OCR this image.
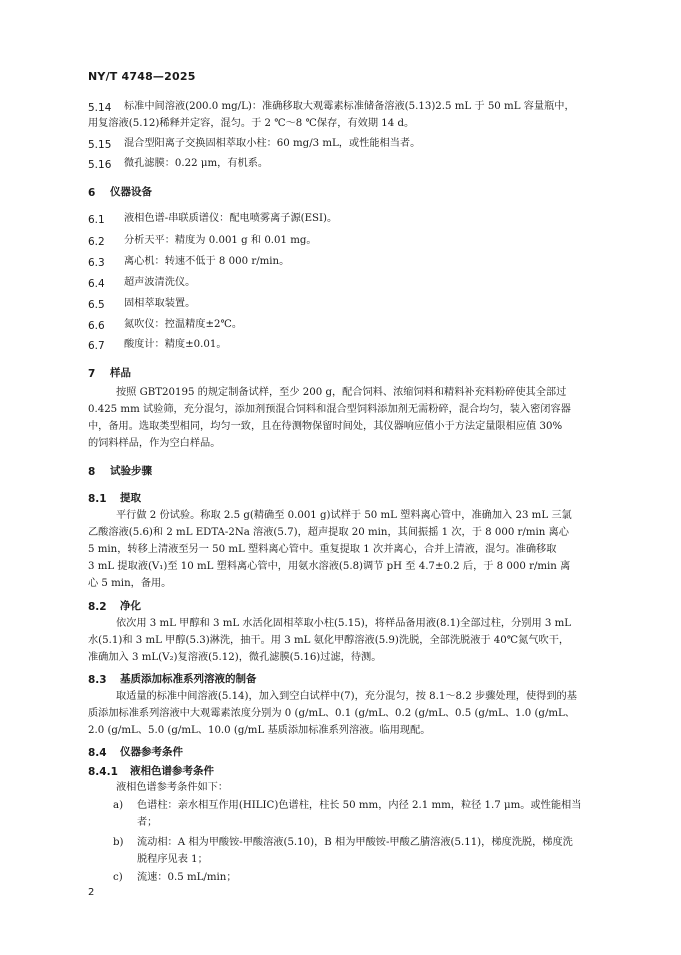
NY/T 4748—2025
5.14 标准中间溶液(200.0 mg/L)：准确移取大观霉素标准储备溶液(5.13)2.5 mL 于 50 mL 容量瓶中，
用复溶液(5.12)稀释并定容，混匀。于 2 ℃～8 ℃保存，有效期 14 d。
5.15 混合型阳离子交换固相萃取小柱：60 mg/3 mL，或性能相当者。
5.16 微孔滤膜：0.22 μm，有机系。
6 仪器设备
6.1 液相色谱-串联质谱仪：配电喷雾离子源(ESI)。
6.2 分析天平：精度为 0.001 g 和 0.01 mg。
6.3 离心机：转速不低于 8 000 r/min。
6.4 超声波清洗仪。
6.5 固相萃取装置。
6.6 氮吹仪：控温精度±2℃。
6.7 酸度计：精度±0.01。
7 样品
按照 GBT20195 的规定制备试样，至少 200 g，配合饲料、浓缩饲料和精料补充料粉碎使其全部过
0.425 mm 试验筛，充分混匀，添加剂预混合饲料和混合型饲料添加剂无需粉碎，混合均匀，装入密闭容器
中，备用。选取类型相同，均匀一致，且在待测物保留时间处，其仪器响应值小于方法定量限相应值 30%
的饲料样品，作为空白样品。
8 试验步骤
8.1 提取
平行做 2 份试验。称取 2.5 g(精确至 0.001 g)试样于 50 mL 塑料离心管中，准确加入 23 mL 三氯
乙酸溶液(5.6)和 2 mL EDTA-2Na 溶液(5.7)，超声提取 20 min，其间振摇 1 次，于 8 000 r/min 离心
5 min，转移上清液至另一 50 mL 塑料离心管中。重复提取 1 次并离心，合并上清液，混匀。准确移取
3 mL 提取液(V₁)至 10 mL 塑料离心管中，用氨水溶液(5.8)调节 pH 至 4.7±0.2 后，于 8 000 r/min 离
心 5 min，备用。
8.2 净化
依次用 3 mL 甲醇和 3 mL 水活化固相萃取小柱(5.15)，将样品备用液(8.1)全部过柱，分别用 3 mL
水(5.1)和 3 mL 甲醇(5.3)淋洗，抽干。用 3 mL 氨化甲醇溶液(5.9)洗脱，全部洗脱液于 40℃氮气吹干，
准确加入 3 mL(V₂)复溶液(5.12)，微孔滤膜(5.16)过滤，待测。
8.3 基质添加标准系列溶液的制备
取适量的标准中间溶液(5.14)，加入到空白试样中(7)，充分混匀，按 8.1～8.2 步骤处理，使得到的基
质添加标准系列溶液中大观霉素浓度分别为 0 (g/mL、0.1 (g/mL、0.2 (g/mL、0.5 (g/mL、1.0 (g/mL、
2.0 (g/mL、5.0 (g/mL、10.0 (g/mL 基质添加标准系列溶液。临用现配。
8.4 仪器参考条件
8.4.1 液相色谱参考条件
液相色谱参考条件如下：
a) 色谱柱：亲水相互作用(HILIC)色谱柱，柱长 50 mm，内径 2.1 mm，粒径 1.7 μm。或性能相当
者；
b) 流动相：A 相为甲酸铵-甲酸溶液(5.10)，B 相为甲酸铵-甲酸乙腈溶液(5.11)，梯度洗脱，梯度洗
脱程序见表 1；
c) 流速：0.5 mL/min；
2
